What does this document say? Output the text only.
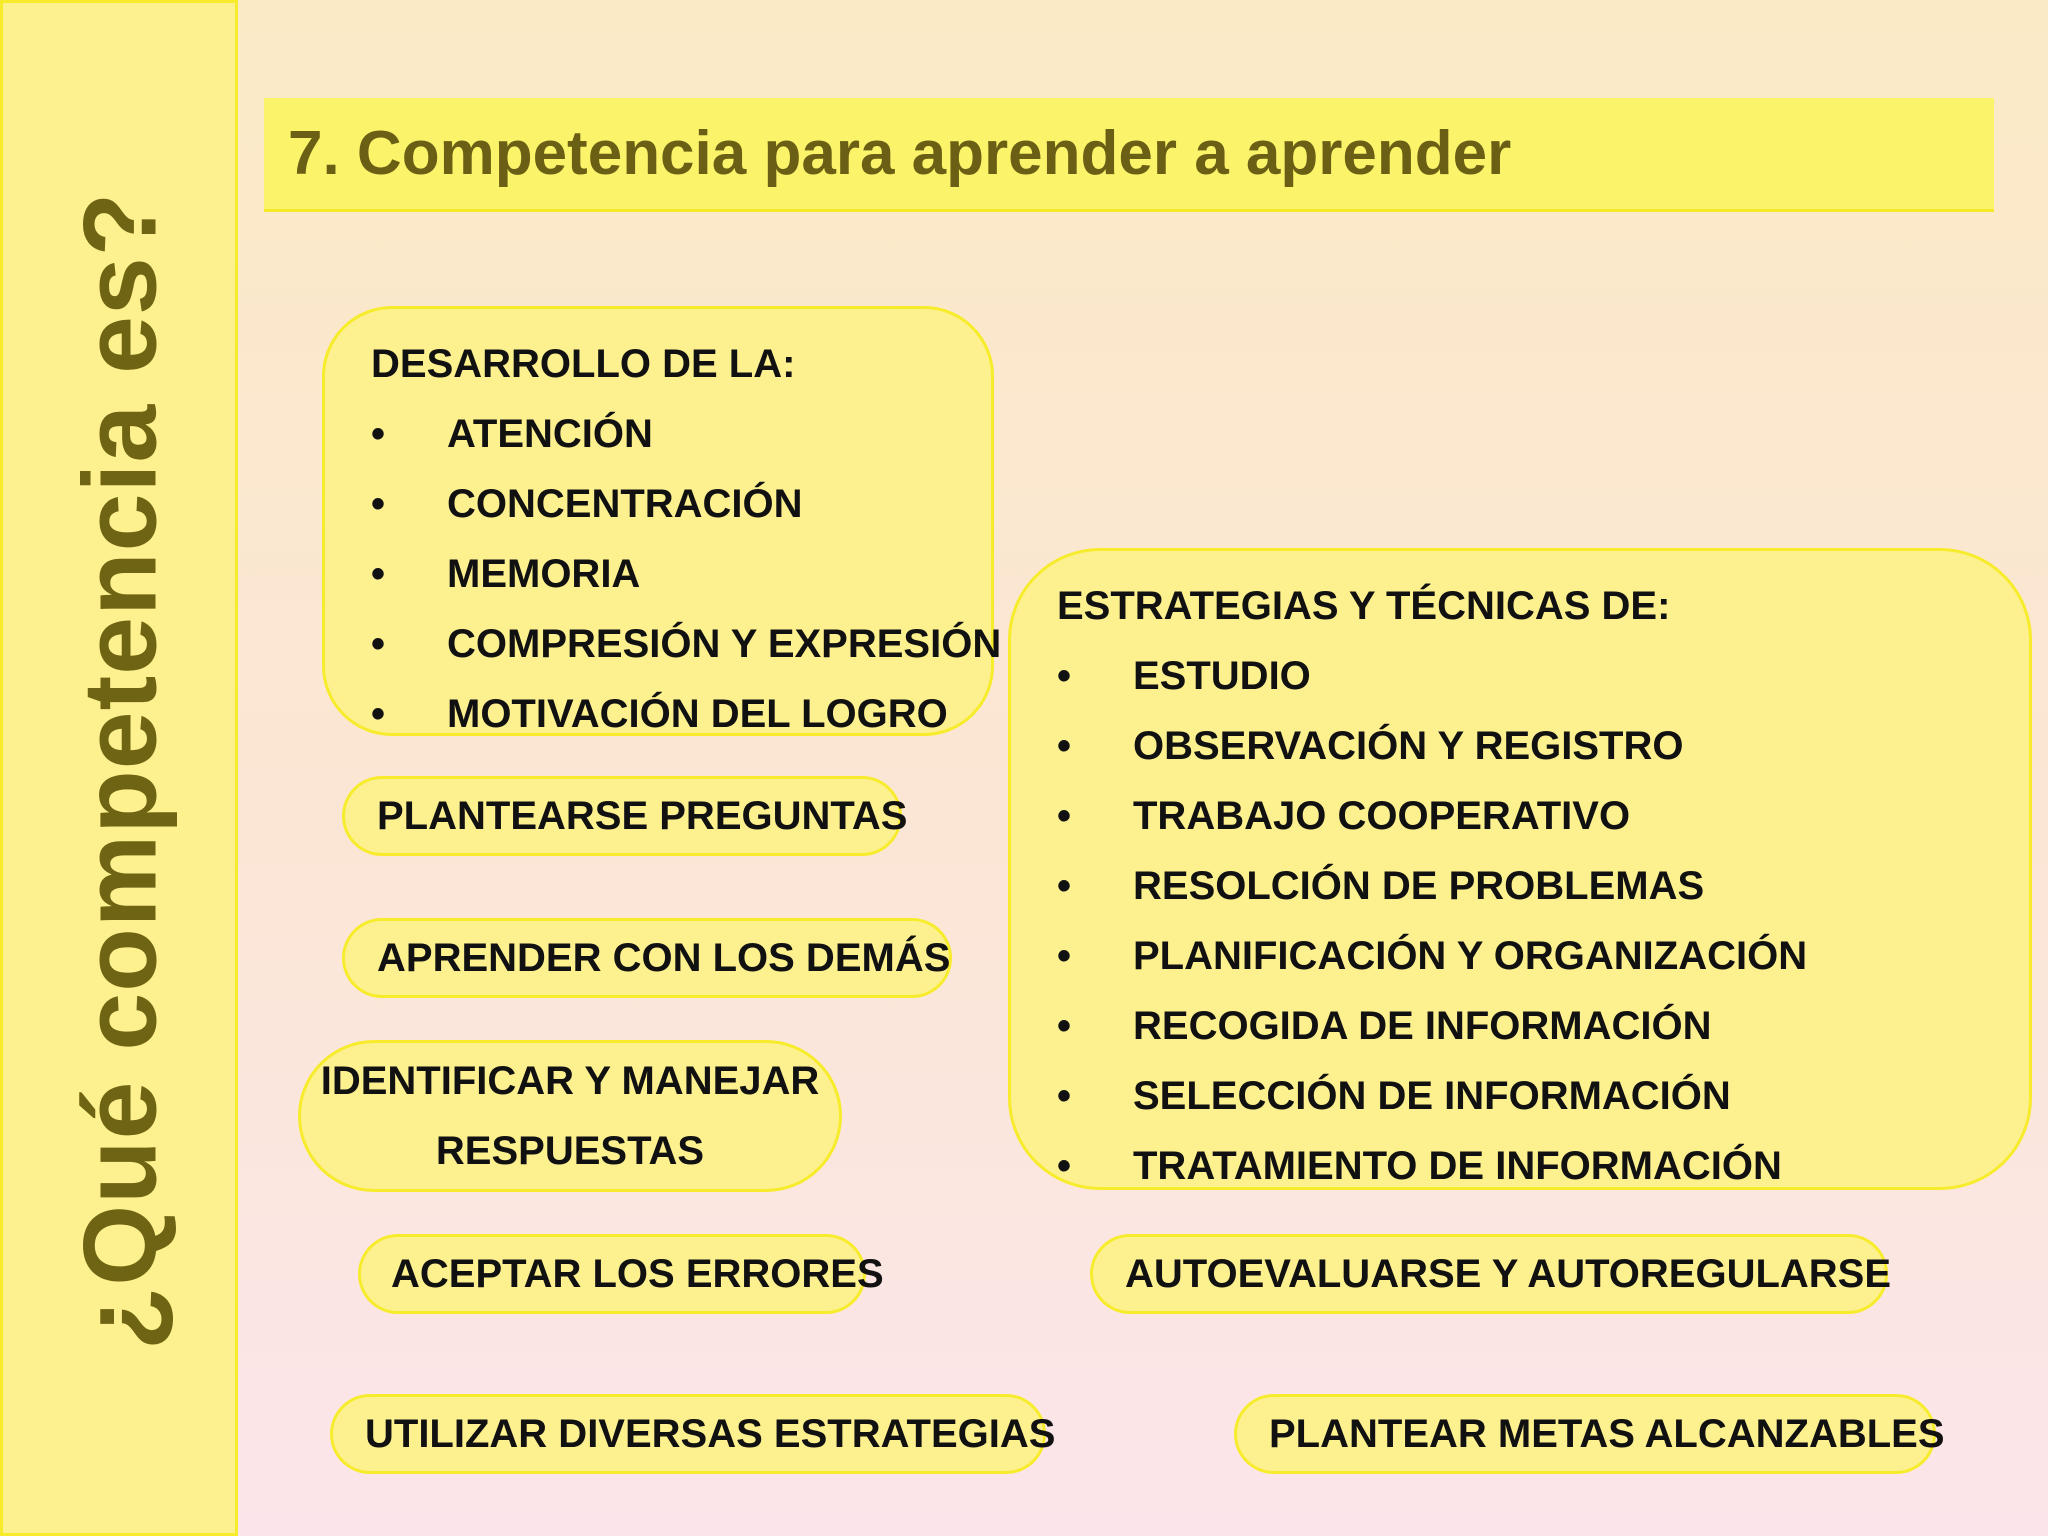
¿Qué competencia es?
7. Competencia para aprender a aprender
DESARROLLO DE LA:
• ATENCIÓN
• CONCENTRACIÓN
• MEMORIA
• COMPRESIÓN Y EXPRESIÓN
• MOTIVACIÓN DEL LOGRO
ESTRATEGIAS Y TÉCNICAS DE:
• ESTUDIO
• OBSERVACIÓN Y REGISTRO
• TRABAJO COOPERATIVO
• RESOLCIÓN DE PROBLEMAS
• PLANIFICACIÓN Y ORGANIZACIÓN
• RECOGIDA DE INFORMACIÓN
• SELECCIÓN DE INFORMACIÓN
• TRATAMIENTO DE INFORMACIÓN
PLANTEARSE PREGUNTAS
APRENDER CON LOS DEMÁS
IDENTIFICAR Y MANEJAR
RESPUESTAS
ACEPTAR LOS ERRORES
UTILIZAR DIVERSAS ESTRATEGIAS
AUTOEVALUARSE Y AUTOREGULARSE
PLANTEAR METAS ALCANZABLES
